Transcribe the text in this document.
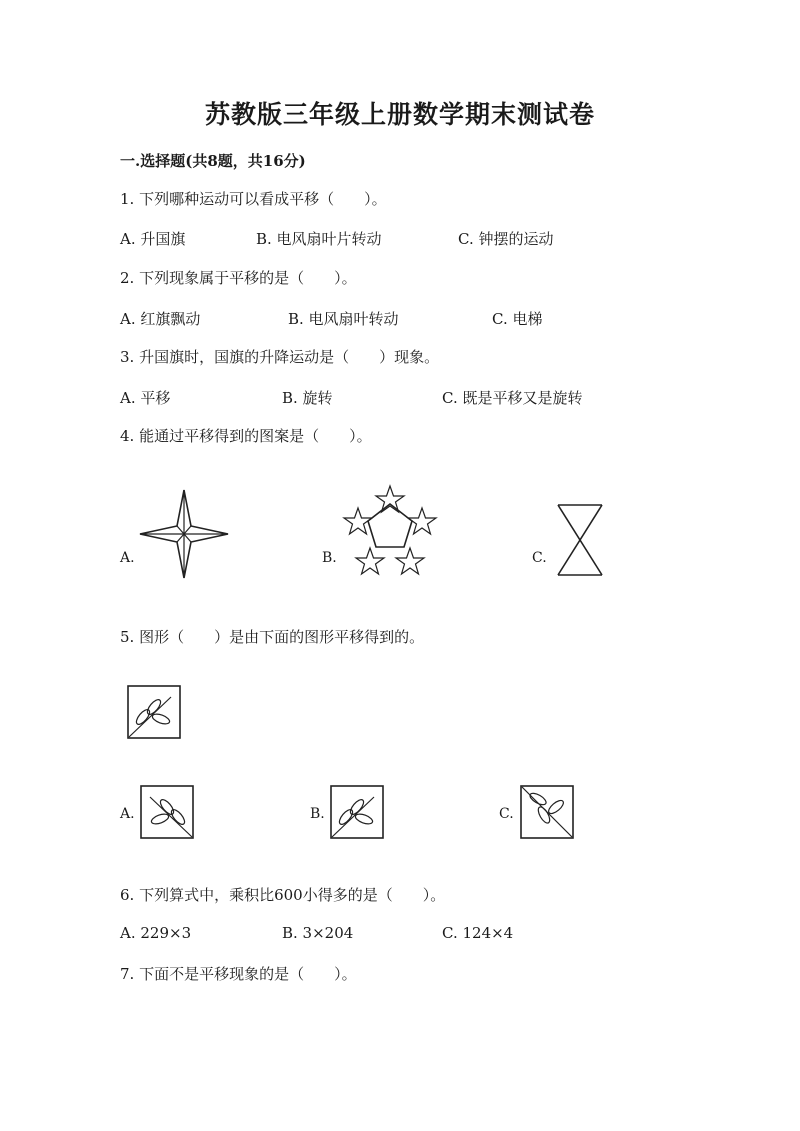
苏教版三年级上册数学期末测试卷
一.选择题(共8题，共16分)
1. 下列哪种运动可以看成平移（　　）。
A. 升国旗	B. 电风扇叶片转动	C. 钟摆的运动
2. 下列现象属于平移的是（　　）。
A. 红旗飘动	B. 电风扇叶转动	C. 电梯
3. 升国旗时，国旗的升降运动是（　　）现象。
A. 平移	B. 旋转	C. 既是平移又是旋转
4. 能通过平移得到的图案是（　　）。
A.	B.	C.
5. 图形（　　）是由下面的图形平移得到的。
A.	B.	C.
6. 下列算式中，乘积比600小得多的是（　　）。
A. 229×3	B. 3×204	C. 124×4
7. 下面不是平移现象的是（　　）。
